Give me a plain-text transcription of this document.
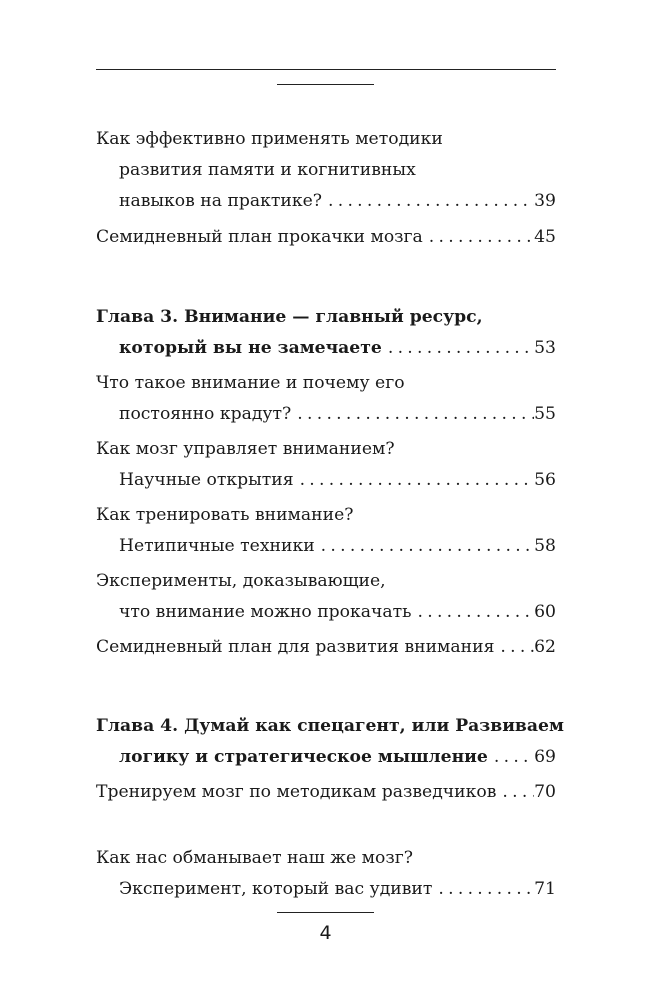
Как эффективно применять методики
развития памяти и когнитивных
навыков на практике? . . .	39
Семидневный план прокачки мозга . . .	45
Глава 3. Внимание — главный ресурс,
который вы не замечаете . . .	53
Что такое внимание и почему его
постоянно крадут? . . .	55
Как мозг управляет вниманием?
Научные открытия . . .	56
Как тренировать внимание?
Нетипичные техники . . .	58
Эксперименты, доказывающие,
что внимание можно прокачать . . .	60
Семидневный план для развития внимания . . . 62
Глава 4. Думай как спецагент, или Развиваем
логику и стратегическое мышление . . .	69
Тренируем мозг по методикам разведчиков . . . 70
Как нас обманывает наш же мозг?
Эксперимент, который вас удивит . . .	71
4
